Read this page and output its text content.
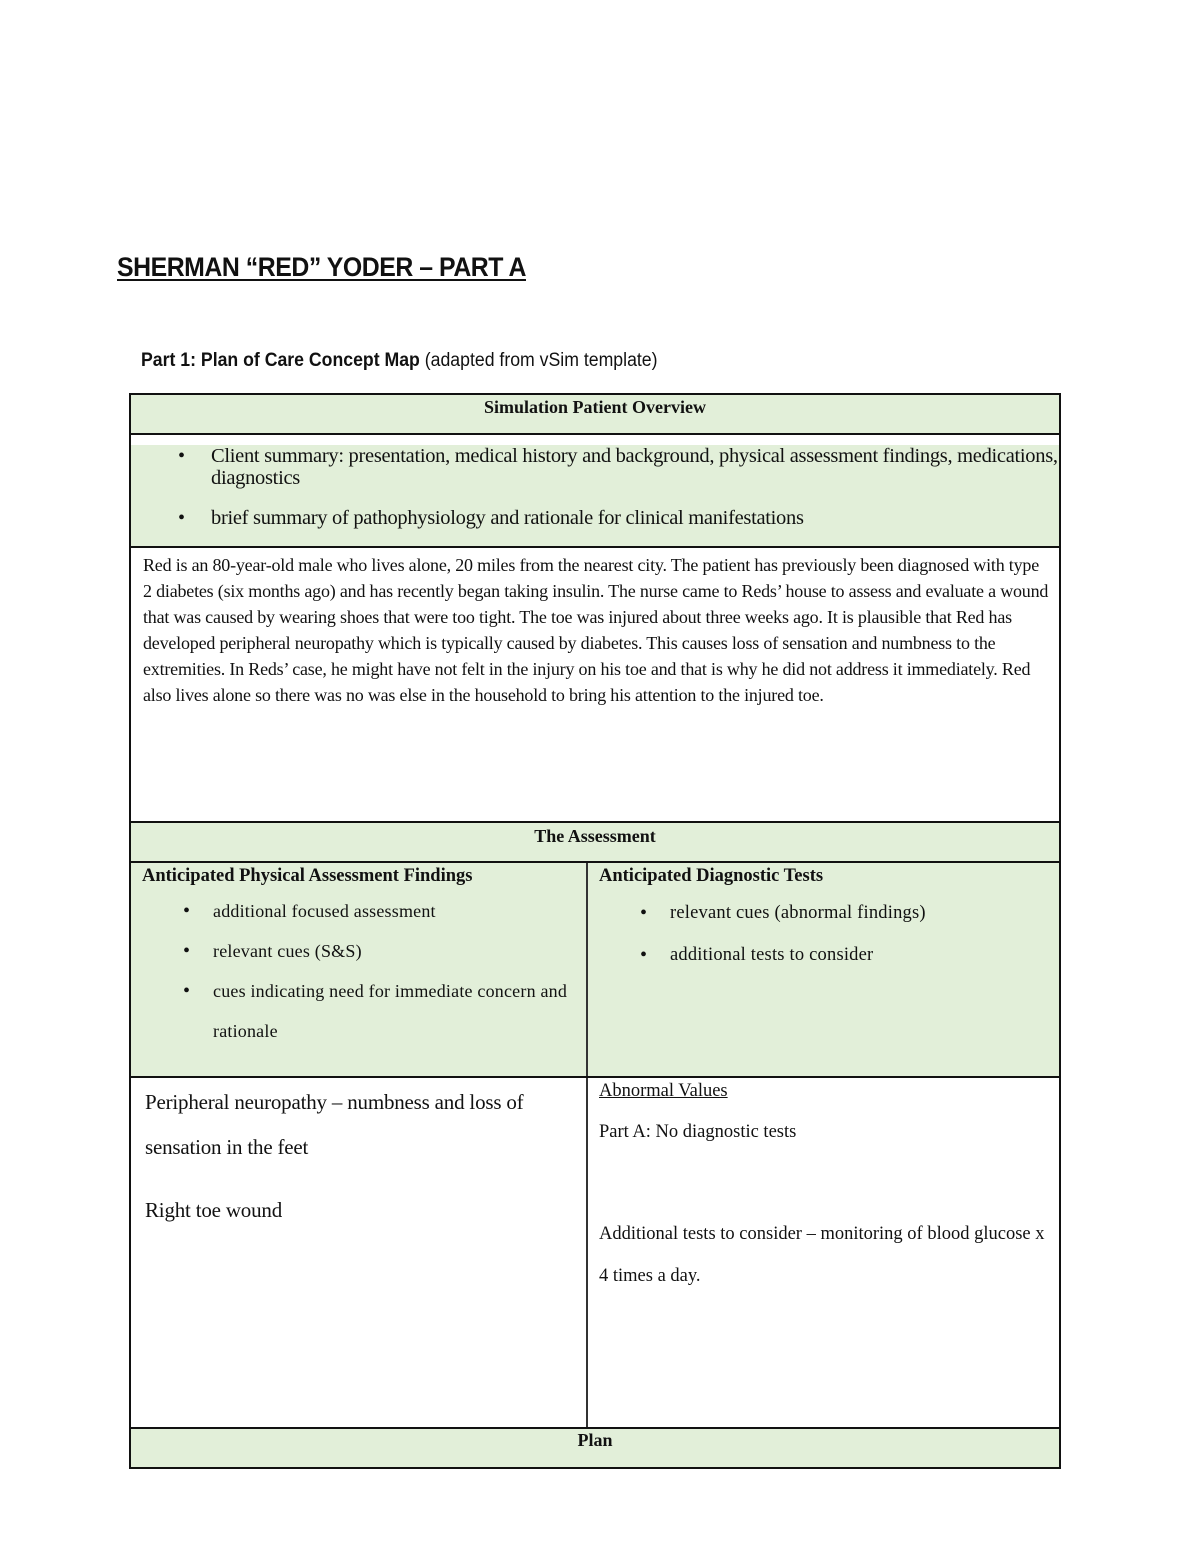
SHERMAN “RED” YODER – PART A

Part 1: Plan of Care Concept Map (adapted from vSim template)

Simulation Patient Overview
• Client summary: presentation, medical history and background, physical assessment findings, medications, diagnostics
• brief summary of pathophysiology and rationale for clinical manifestations
Red is an 80-year-old male who lives alone, 20 miles from the nearest city. The patient has previously been diagnosed with type 2 diabetes (six months ago) and has recently began taking insulin. The nurse came to Reds’ house to assess and evaluate a wound that was caused by wearing shoes that were too tight. The toe was injured about three weeks ago. It is plausible that Red has developed peripheral neuropathy which is typically caused by diabetes. This causes loss of sensation and numbness to the extremities. In Reds’ case, he might have not felt in the injury on his toe and that is why he did not address it immediately. Red also lives alone so there was no was else in the household to bring his attention to the injured toe.
The Assessment
Anticipated Physical Assessment Findings
• additional focused assessment
• relevant cues (S&S)
• cues indicating need for immediate concern and rationale
Anticipated Diagnostic Tests
• relevant cues (abnormal findings)
• additional tests to consider

Peripheral neuropathy – numbness and loss of sensation in the feet

Right toe wound

Abnormal Values

Part A: No diagnostic tests

Additional tests to consider – monitoring of blood glucose x 4 times a day.

Plan
